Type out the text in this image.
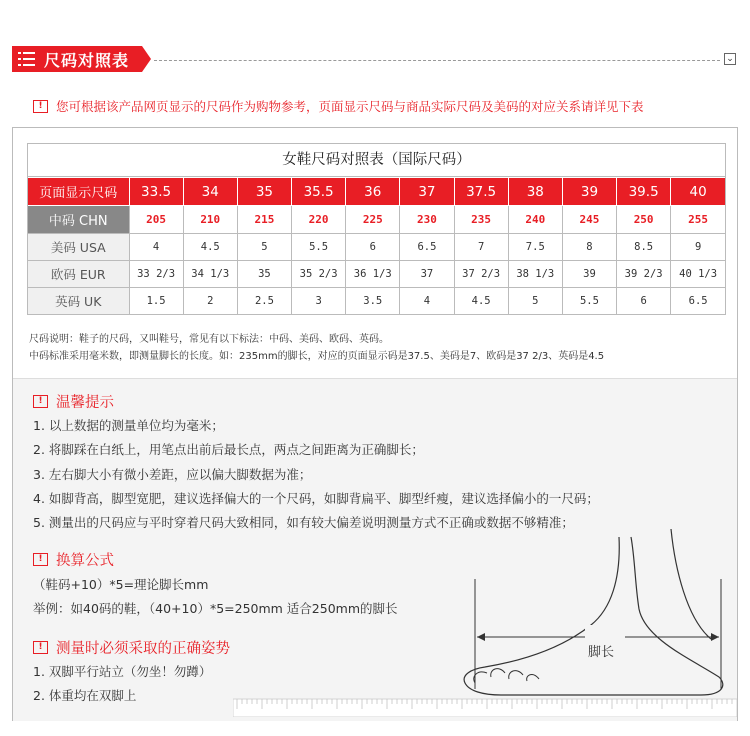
尺码对照表	⌄
!	您可根据该产品网页显示的尺码作为购物参考，页面显示尺码与商品实际尺码及美码的对应关系请详见下表
女鞋尺码对照表（国际尺码）
页面显示尺码	33.5	34	35	35.5	36	37	37.5	38	39	39.5	40
中码 CHN	205	210	215	220	225	230	235	240	245	250	255
美码 USA	4	4.5	5	5.5	6	6.5	7	7.5	8	8.5	9
欧码 EUR	33 2/3	34 1/3	35	35 2/3	36 1/3	37	37 2/3	38 1/3	39	39 2/3	40 1/3
英码 UK	1.5	2	2.5	3	3.5	4	4.5	5	5.5	6	6.5
尺码说明：鞋子的尺码，又叫鞋号，常见有以下标法：中码、美码、欧码、英码。
中码标准采用毫米数，即测量脚长的长度。如：235mm的脚长，对应的页面显示码是37.5、美码是7、欧码是37 2/3、英码是4.5
! 温馨提示
1. 以上数据的测量单位均为毫米；
2. 将脚踩在白纸上，用笔点出前后最长点，两点之间距离为正确脚长；
3. 左右脚大小有微小差距，应以偏大脚数据为准；
4. 如脚背高，脚型宽肥，建议选择偏大的一个尺码，如脚背扁平、脚型纤瘦，建议选择偏小的一尺码；
5. 测量出的尺码应与平时穿着尺码大致相同，如有较大偏差说明测量方式不正确或数据不够精准；
! 换算公式
（鞋码+10）*5=理论脚长mm
举例：如40码的鞋，（40+10）*5=250mm 适合250mm的脚长
! 测量时必须采取的正确姿势
1. 双脚平行站立（勿坐！勿蹲）
2. 体重均在双脚上
脚长
